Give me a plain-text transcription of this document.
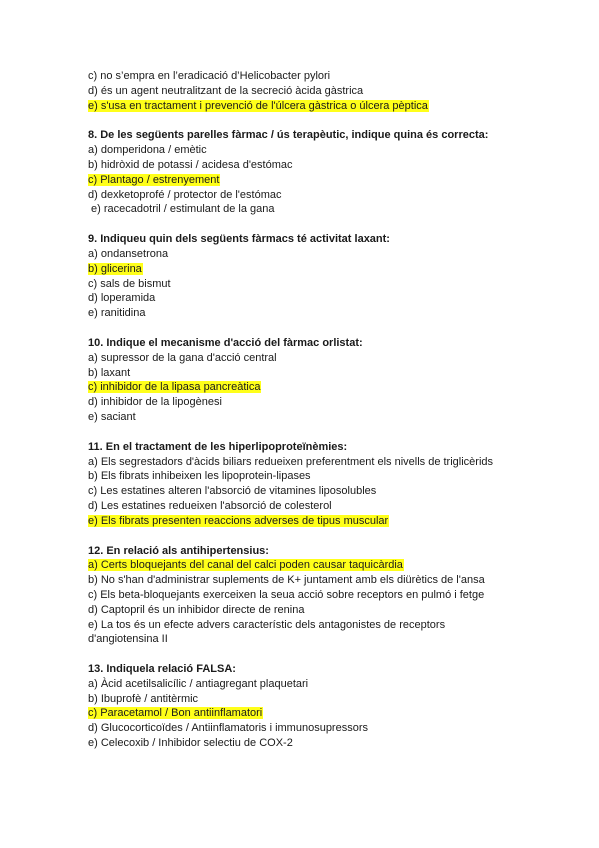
c) no s’empra en l’eradicació d’Helicobacter pylori
d) és un agent neutralitzant de la secreció àcida gàstrica
e) s'usa en tractament i prevenció de l'úlcera gàstrica o úlcera pèptica
8. De les següents parelles fàrmac / ús terapèutic, indique quina és correcta:
a) domperidona / emètic
b) hidròxid de potassi / acidesa d'estómac
c) Plantago / estrenyement
d) dexketoprofé / protector de l'estómac
e) racecadotril / estimulant de la gana
9. Indiqueu quin dels següents fàrmacs té activitat laxant:
a) ondansetrona
b) glicerina
c) sals de bismut
d) loperamida
e) ranitidina
10. Indique el mecanisme d'acció del fàrmac orlistat:
a) supressor de la gana d'acció central
b) laxant
c) inhibidor de la lipasa pancreàtica
d) inhibidor de la lipogènesi
e) saciant
11. En el tractament de les hiperlipoproteïnèmies:
a) Els segrestadors d'àcids biliars redueixen preferentment els nivells de triglicèrids
b) Els fibrats inhibeixen les lipoprotein-lipases
c) Les estatines alteren l'absorció de vitamines liposolubles
d) Les estatines redueixen l'absorció de colesterol
e) Els fibrats presenten reaccions adverses de tipus muscular
12. En relació als antihipertensius:
a) Certs bloquejants del canal del calci poden causar taquicàrdia
b) No s'han d'administrar suplements de K+ juntament amb els diürètics de l'ansa
c) Els beta-bloquejants exerceixen la seua acció sobre receptors en pulmó i fetge
d) Captopril és un inhibidor directe de renina
e) La tos és un efecte advers característic dels antagonistes de receptors
d'angiotensina II
13. Indiquela relació FALSA:
a) Àcid acetilsalicílic / antiagregant plaquetari
b) Ibuprofè / antitèrmic
c) Paracetamol / Bon antiinflamatori
d) Glucocorticoïdes / Antiinflamatoris i immunosupressors
e) Celecoxib / Inhibidor selectiu de COX-2
